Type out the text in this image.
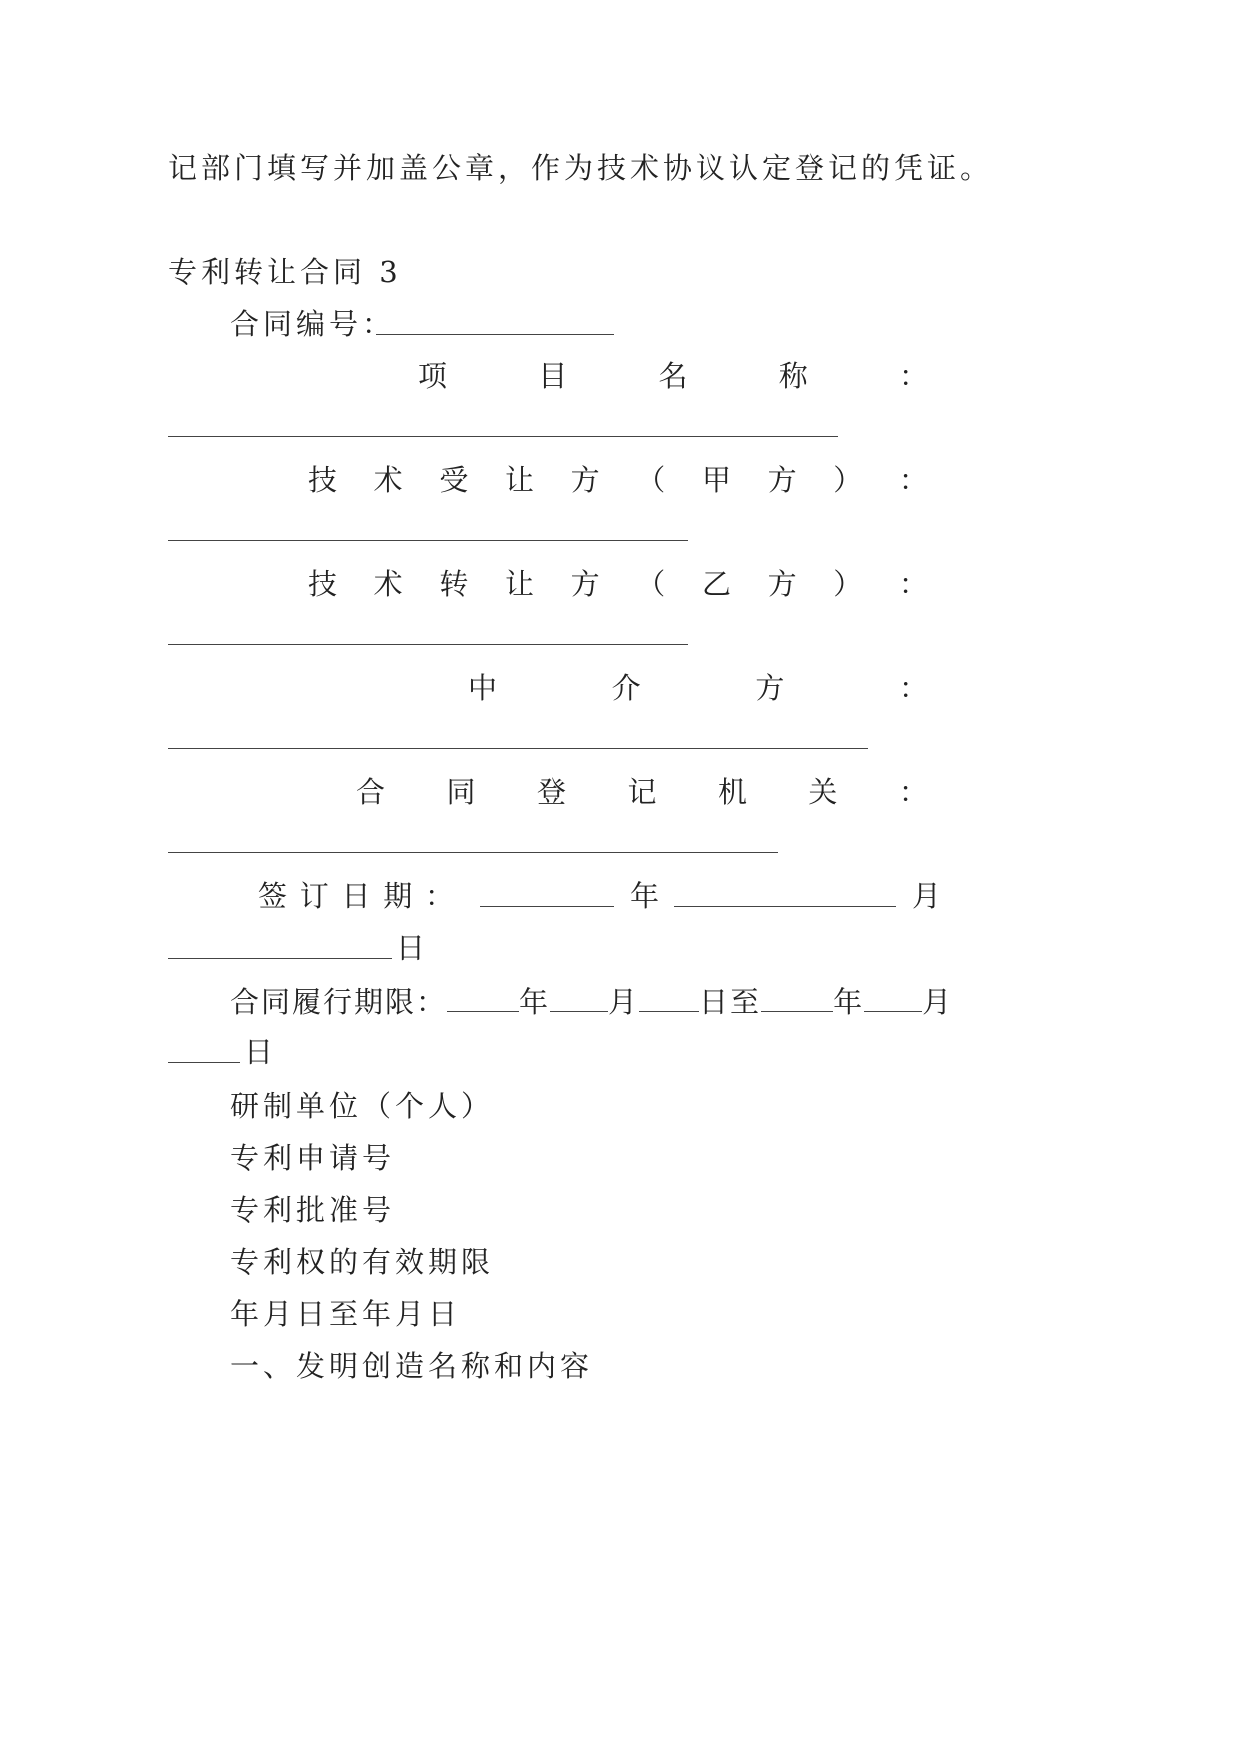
记部门填写并加盖公章，作为技术协议认定登记的凭证。
专利转让合同 3
合同编号：
项	目	名	称	：
技 术 受 让 方 （ 甲 方 ） ：
技 术 转 让 方 （ 乙 方 ） ：
中	介	方	：
合 同 登 记 机 关 ：
签 订 日 期 ：	年	月
日
合同履行期限： 年 月 日至 年 月
日
研制单位（个人）
专利申请号
专利批准号
专利权的有效期限
年月日至年月日
一、发明创造名称和内容
